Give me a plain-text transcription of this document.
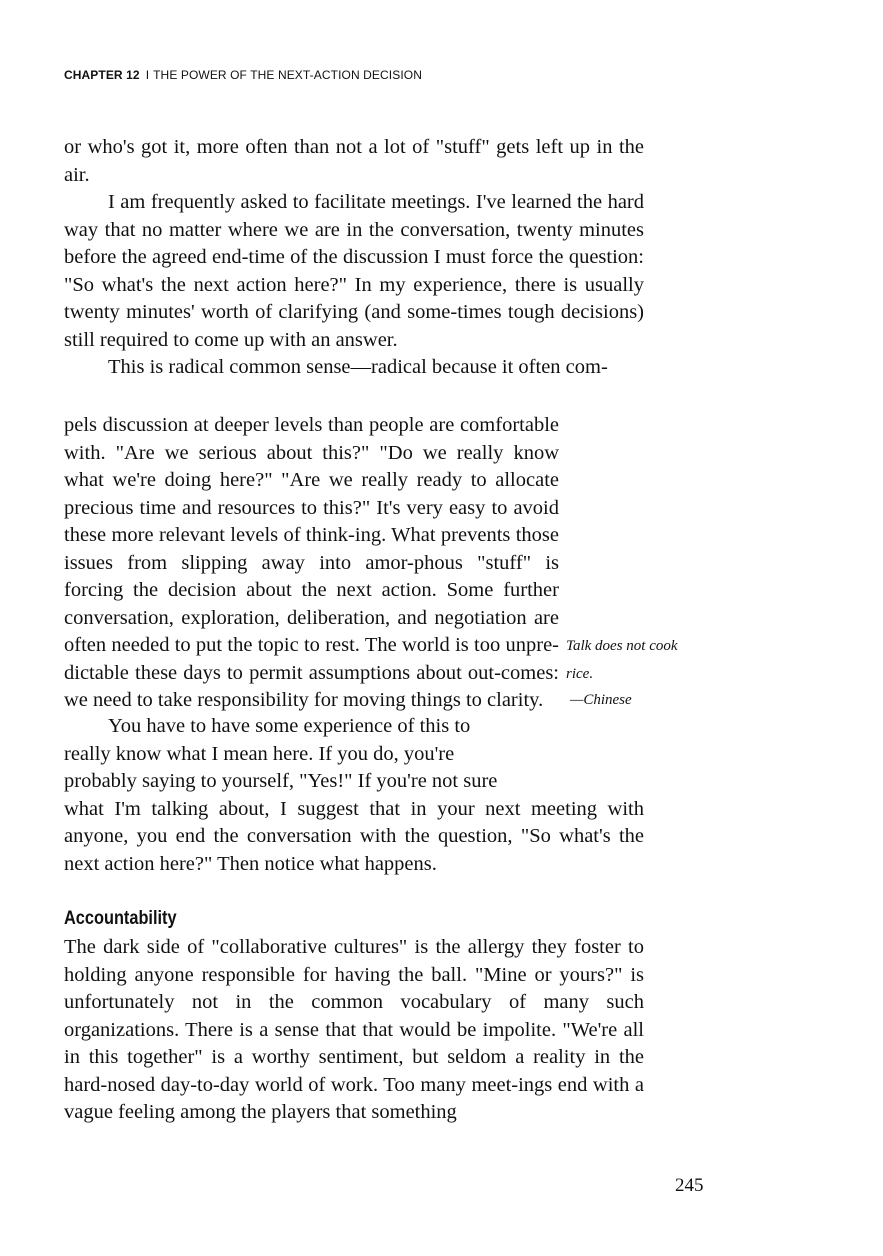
CHAPTER 12 I THE POWER OF THE NEXT-ACTION DECISION

or who's got it, more often than not a lot of "stuff" gets left up in the air.

I am frequently asked to facilitate meetings. I've learned the hard way that no matter where we are in the conversation, twenty minutes before the agreed end-time of the discussion I must force the question: "So what's the next action here?" In my experience, there is usually twenty minutes' worth of clarifying (and some-times tough decisions) still required to come up with an answer.

This is radical common sense—radical because it often com-

pels discussion at deeper levels than people are comfortable with. "Are we serious about this?" "Do we really know what we're doing here?" "Are we really ready to allocate precious time and resources to this?" It's very easy to avoid these more relevant levels of think-ing. What prevents those issues from slipping away into amor-phous "stuff" is forcing the decision about the next action. Some further conversation, exploration, deliberation, and negotiation are often needed to put the topic to rest. The world is too unpre-dictable these days to permit assumptions about out-comes: we need to take responsibility for moving things to clarity.

Talk does not cook rice.
—Chinese

You have to have some experience of this to

really know what I mean here. If you do, you're

probably saying to yourself, "Yes!" If you're not sure

what I'm talking about, I suggest that in your next meeting with anyone, you end the conversation with the question, "So what's the next action here?" Then notice what happens.

Accountability

The dark side of "collaborative cultures" is the allergy they foster to holding anyone responsible for having the ball. "Mine or yours?" is unfortunately not in the common vocabulary of many such organizations. There is a sense that that would be impolite. "We're all in this together" is a worthy sentiment, but seldom a reality in the hard-nosed day-to-day world of work. Too many meet-ings end with a vague feeling among the players that something

245
